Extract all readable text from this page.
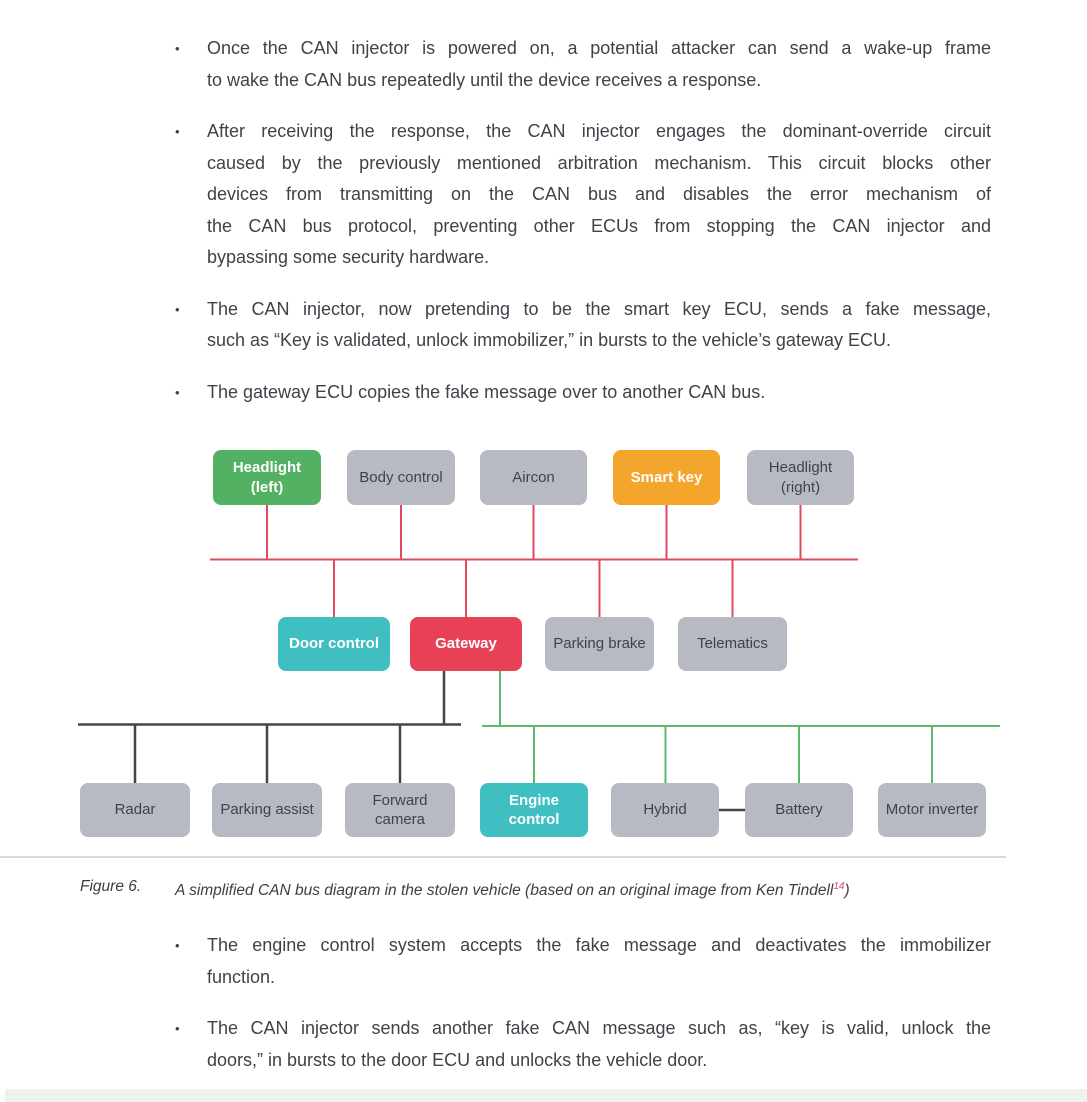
•	Once the CAN injector is powered on, a potential attacker can send a wake-up frame
to wake the CAN bus repeatedly until the device receives a response.
•	After receiving the response, the CAN injector engages the dominant-override circuit
caused by the previously mentioned arbitration mechanism. This circuit blocks other
devices from transmitting on the CAN bus and disables the error mechanism of
the CAN bus protocol, preventing other ECUs from stopping the CAN injector and
bypassing some security hardware.
•	The CAN injector, now pretending to be the smart key ECU, sends a fake message,
such as “Key is validated, unlock immobilizer,” in bursts to the vehicle’s gateway ECU.
•	The gateway ECU copies the fake message over to another CAN bus.
Headlight (left)
Body control	Aircon	Smart key
Headlight (right)
Door control	Gateway	Parking brake	Telematics
Radar	Parking assist
Forward camera
Engine control
Hybrid	Battery	Motor inverter
Figure 6.	A simplified CAN bus diagram in the stolen vehicle (based on an original image from Ken Tindell$^{14}$)
•	The engine control system accepts the fake message and deactivates the immobilizer
function.
•	The CAN injector sends another fake CAN message such as, “key is valid, unlock the
doors,” in bursts to the door ECU and unlocks the vehicle door.
